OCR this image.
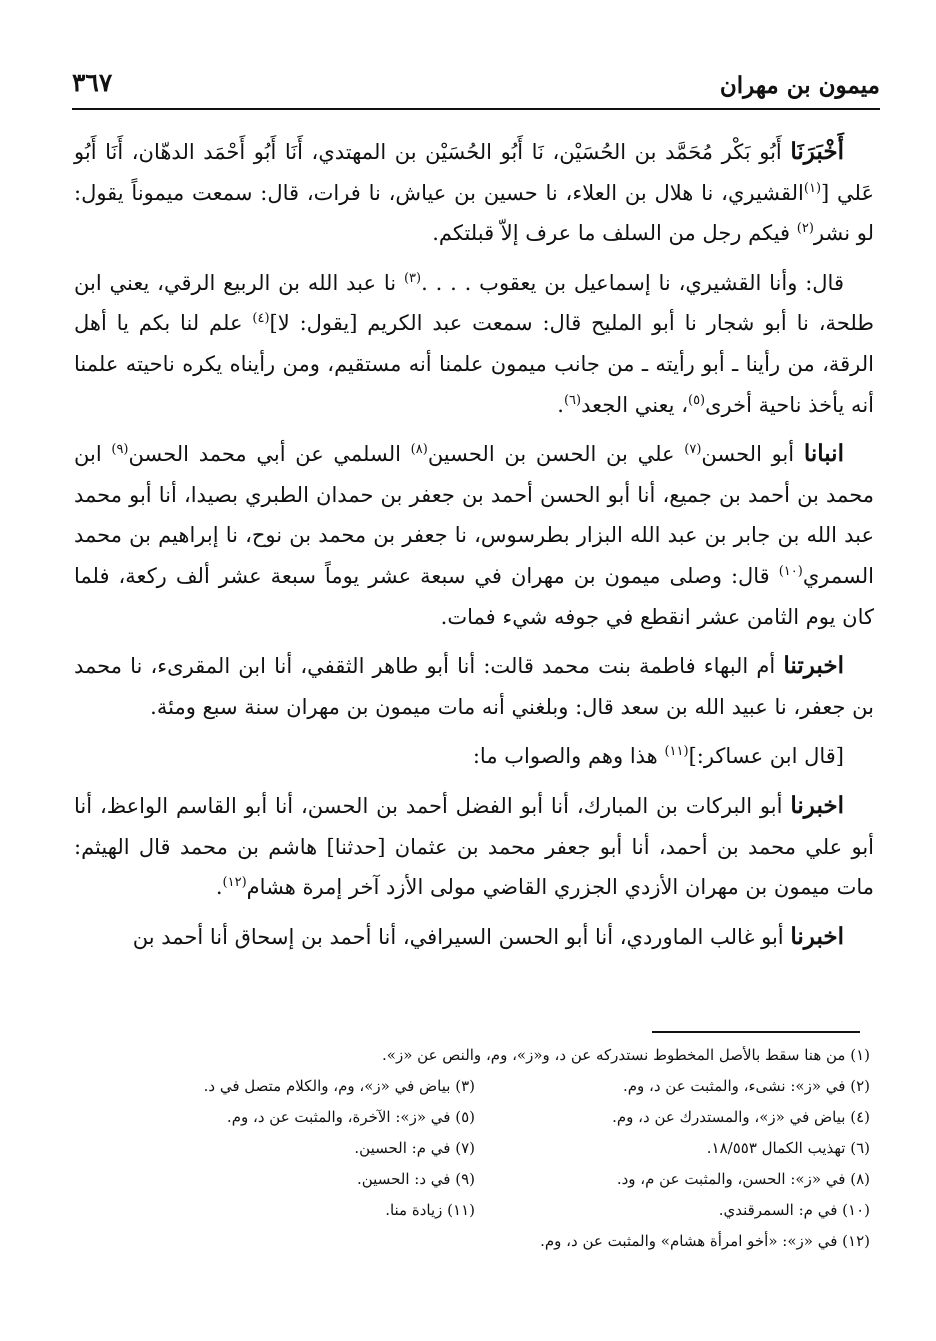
ميمون بن مهران
٣٦٧

أَخْبَرَنَا أَبُو بَكْر مُحَمَّد بن الحُسَيْن، نَا أَبُو الحُسَيْن بن المهتدي، أَنَا أَبُو أَحْمَد الدهّان، أَنَا أَبُو عَلي [$^{(١)}$القشيري، نا هلال بن العلاء، نا حسين بن عياش، نا فرات، قال: سمعت ميموناً يقول: لو نشر$^{(٢)}$ فيكم رجل من السلف ما عرف إلاّ قبلتكم.

قال: وأنا القشيري، نا إسماعيل بن يعقوب . . . .$^{(٣)}$ نا عبد الله بن الربيع الرقي، يعني ابن طلحة، نا أبو شجار نا أبو المليح قال: سمعت عبد الكريم [يقول: لا]$^{(٤)}$ علم لنا بكم يا أهل الرقة، من رأينا ـ أبو رأيته ـ من جانب ميمون علمنا أنه مستقيم، ومن رأيناه يكره ناحيته علمنا أنه يأخذ ناحية أخرى$^{(٥)}$، يعني الجعد$^{(٦)}$.

انبانا أبو الحسن$^{(٧)}$ علي بن الحسن بن الحسين$^{(٨)}$ السلمي عن أبي محمد الحسن$^{(٩)}$ ابن محمد بن أحمد بن جميع، أنا أبو الحسن أحمد بن جعفر بن حمدان الطبري بصيدا، أنا أبو محمد عبد الله بن جابر بن عبد الله البزار بطرسوس، نا جعفر بن محمد بن نوح، نا إبراهيم بن محمد السمري$^{(١٠)}$ قال: وصلى ميمون بن مهران في سبعة عشر يوماً سبعة عشر ألف ركعة، فلما كان يوم الثامن عشر انقطع في جوفه شيء فمات.

اخبرتنا أم البهاء فاطمة بنت محمد قالت: أنا أبو طاهر الثقفي، أنا ابن المقرىء، نا محمد بن جعفر، نا عبيد الله بن سعد قال: وبلغني أنه مات ميمون بن مهران سنة سبع ومئة.

[قال ابن عساكر:]$^{(١١)}$ هذا وهم والصواب ما:

اخبرنا أبو البركات بن المبارك، أنا أبو الفضل أحمد بن الحسن، أنا أبو القاسم الواعظ، أنا أبو علي محمد بن أحمد، أنا أبو جعفر محمد بن عثمان [حدثنا] هاشم بن محمد قال الهيثم: مات ميمون بن مهران الأزدي الجزري القاضي مولى الأزد آخر إمرة هشام$^{(١٢)}$.

اخبرنا أبو غالب الماوردي، أنا أبو الحسن السيرافي، أنا أحمد بن إسحاق أنا أحمد بن

(١) من هنا سقط بالأصل المخطوط نستدركه عن د، و«ز»، وم، والنص عن «ز».
(٢) في «ز»: نشىء، والمثبت عن د، وم.
(٣) بياض في «ز»، وم، والكلام متصل في د.
(٤) بياض في «ز»، والمستدرك عن د، وم.
(٥) في «ز»: الآخرة، والمثبت عن د، وم.
(٦) تهذيب الكمال ١٨/٥٥٣.
(٧) في م: الحسين.
(٨) في «ز»: الحسن، والمثبت عن م، ود.
(٩) في د: الحسين.
(١٠) في م: السمرقندي.
(١١) زيادة منا.
(١٢) في «ز»: «أخو امرأة هشام» والمثبت عن د، وم.
